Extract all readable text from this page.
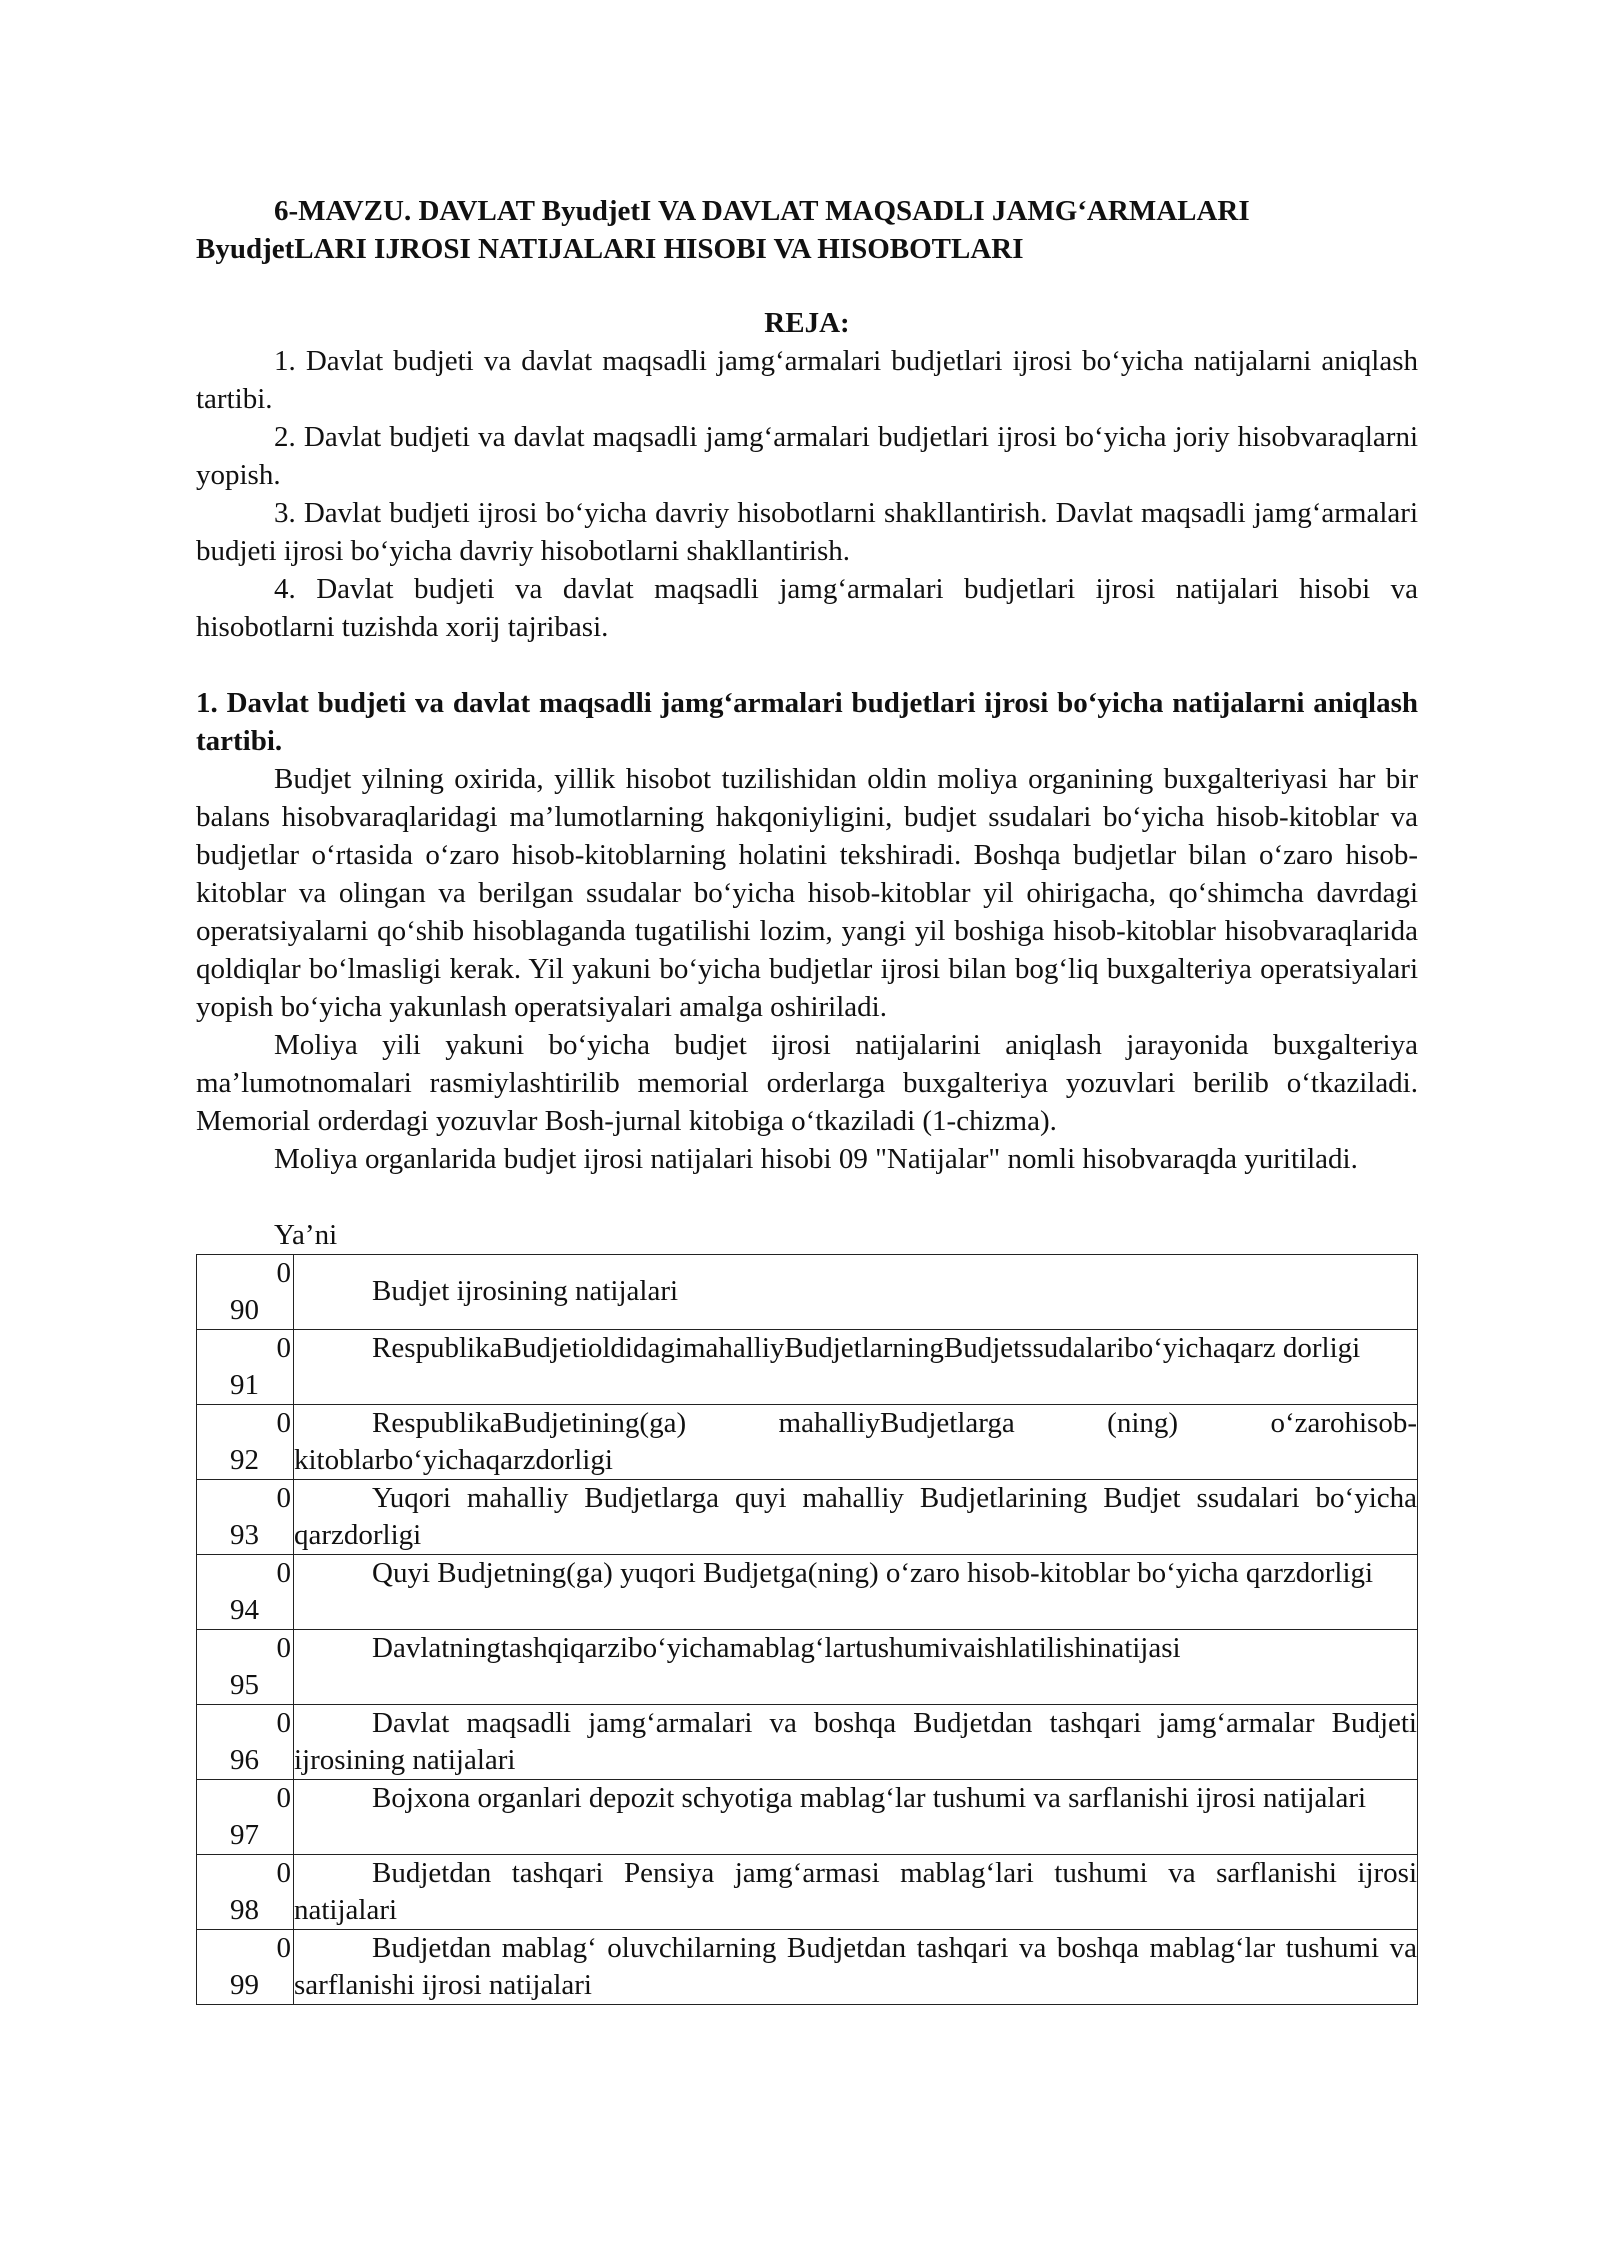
6-MAVZU. DAVLAT ByudjetI VA DAVLAT MAQSADLI JAMG‘ARMALARI
ByudjetLARI IJROSI NATIJALARI HISOBI VA HISOBOTLARI

REJA:

1. Davlat budjeti va davlat maqsadli jamg‘armalari budjetlari ijrosi bo‘yicha natijalarni aniqlash tartibi.

2. Davlat budjeti va davlat maqsadli jamg‘armalari budjetlari ijrosi bo‘yicha joriy hisobvaraqlarni yopish.

3. Davlat budjeti ijrosi bo‘yicha davriy hisobotlarni shakllantirish. Davlat maqsadli jamg‘armalari budjeti ijrosi bo‘yicha davriy hisobotlarni shakllantirish.

4. Davlat budjeti va davlat maqsadli jamg‘armalari budjetlari ijrosi natijalari hisobi va hisobotlarni tuzishda xorij tajribasi.

1. Davlat budjeti va davlat maqsadli jamg‘armalari budjetlari ijrosi bo‘yicha natijalarni aniqlash tartibi.

Budjet yilning oxirida, yillik hisobot tuzilishidan oldin moliya organining buxgalteriyasi har bir balans hisobvaraqlaridagi ma’lumotlarning hakqoniyligini, budjet ssudalari bo‘yicha hisob-kitoblar va budjetlar o‘rtasida o‘zaro hisob-kitoblarning holatini tekshiradi. Boshqa budjetlar bilan o‘zaro hisob-kitoblar va olingan va berilgan ssudalar bo‘yicha hisob-kitoblar yil ohirigacha, qo‘shimcha davrdagi operatsiyalarni qo‘shib hisoblaganda tugatilishi lozim, yangi yil boshiga hisob-kitoblar hisobvaraqlarida qoldiqlar bo‘lmasligi kerak. Yil yakuni bo‘yicha budjetlar ijrosi bilan bog‘liq buxgalteriya operatsiyalari yopish bo‘yicha yakunlash operatsiyalari amalga oshiriladi.

Moliya yili yakuni bo‘yicha budjet ijrosi natijalarini aniqlash jarayonida buxgalteriya ma’lumotnomalari rasmiylashtirilib memorial orderlarga buxgalteriya yozuvlari berilib o‘tkaziladi. Memorial orderdagi yozuvlar Bosh-jurnal kitobiga o‘tkaziladi (1-chizma).

Moliya organlarida budjet ijrosi natijalari hisobi 09 "Natijalar" nomli hisobvaraqda yuritiladi.

Ya’ni
0
90	Budjet ijrosining natijalari

0
91	RespublikaBudjetioldidagimahalliyBudjetlarningBudjetssudalaribo‘yichaqarz dorligi

0
92	RespublikaBudjetining(ga) mahalliyBudjetlarga (ning) o‘zarohisob-kitoblarbo‘yichaqarzdorligi

0
93	Yuqori mahalliy Budjetlarga quyi mahalliy Budjetlarining Budjet ssudalari bo‘yicha qarzdorligi

0
94	Quyi Budjetning(ga) yuqori Budjetga(ning) o‘zaro hisob-kitoblar bo‘yicha qarzdorligi

0
95	Davlatningtashqiqarzibo‘yichamablag‘lartushumivaishlatilishinatijasi

0
96	Davlat maqsadli jamg‘armalari va boshqa Budjetdan tashqari jamg‘armalar Budjeti ijrosining natijalari

0
97	Bojxona organlari depozit schyotiga mablag‘lar tushumi va sarflanishi ijrosi natijalari

0
98	Budjetdan tashqari Pensiya jamg‘armasi mablag‘lari tushumi va sarflanishi ijrosi natijalari

0
99	Budjetdan mablag‘ oluvchilarning Budjetdan tashqari va boshqa mablag‘lar tushumi va sarflanishi ijrosi natijalari
